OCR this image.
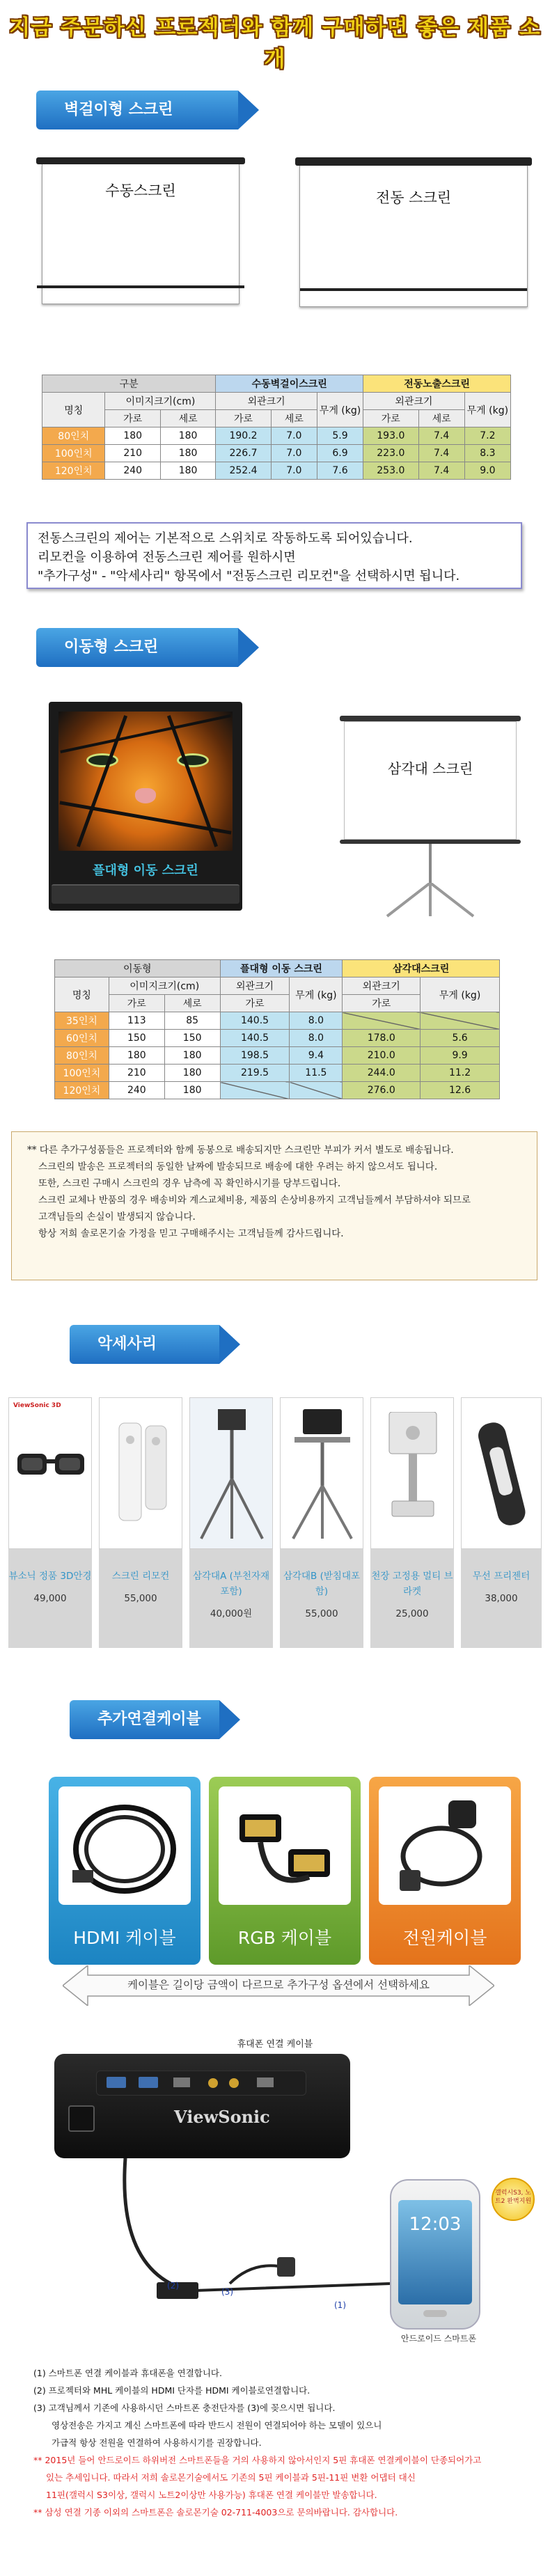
지금 주문하신 프로젝터와 함께 구매하면 좋은 제품 소개
벽걸이형 스크린
수동스크린	전동 스크린
구분			수동벽걸이스크린			전동노출스크린		
명칭	이미지크기(cm)		외관크기		무게 (kg)	외관크기		무게 (kg)
	가로	세로	가로	세로		가로	세로	
80인치	180	180	190.2	7.0	5.9	193.0	7.4	7.2
100인치	210	180	226.7	7.0	6.9	223.0	7.4	8.3
120인치	240	180	252.4	7.0	7.6	253.0	7.4	9.0
전동스크린의 제어는 기본적으로 스위치로 작동하도록 되어있습니다.
리모컨을 이용하여 전동스크린 제어를 원하시면
"추가구성" - "악세사리" 항목에서 "전동스크린 리모컨"을 선택하시면 됩니다.
이동형 스크린
플대형 이동 스크린
삼각대 스크린
이동형			플대형 이동 스크린		삼각대스크린	
명칭	이미지크기(cm)		외관크기	무게 (kg)	외관크기	무게 (kg)
	가로	세로	가로		가로	
35인치	113	85	140.5	8.0		
60인치	150	150	140.5	8.0	178.0	5.6
80인치	180	180	198.5	9.4	210.0	9.9
100인치	210	180	219.5	11.5	244.0	11.2
120인치	240	180			276.0	12.6
** 다른 추가구성품들은 프로젝터와 함께 동봉으로 배송되지만 스크린만 부피가 커서 별도로 배송됩니다.
스크린의 발송은 프로젝터의 동일한 날짜에 발송되므로 배송에 대한 우려는 하지 않으셔도 됩니다.
또한, 스크린 구매시 스크린의 경우 남측에 꼭 확인하시기를 당부드립니다.
스크린 교체나 반품의 경우 배송비와 계스교체비용, 제품의 손상비용까지 고객님들께서 부담하셔야 되므로
고객님들의 손실이 발생되지 않습니다.
항상 저희 솔로몬기술 가정을 믿고 구매해주시는 고객님들께 감사드립니다.
악세사리
ViewSonic 3D
뷰소닉 정품 3D안경
49,000
스크린 리모컨
55,000
삼각대A (부천자재포함)
40,000원
삼각대B (받침대포함)
55,000
천장 고정용 멀티 브라켓
25,000
무선 프리젠터
38,000
추가연결케이블
HDMI 케이블	RGB 케이블	전원케이블
케이블은 길이당 금액이 다르므로 추가구성 옵션에서 선택하세요
휴대폰 연결 케이블
ViewSonic
(2)
(3)
(1)
갤럭시S3, 노트2 완벽지원
12:03
안드로이드 스마트폰
(1) 스마트폰 연결 케이블과 휴대폰을 연결합니다.
(2) 프로젝터와 MHL 케이블의 HDMI 단자를 HDMI 케이블로연결합니다.
(3) 고객님께서 기존에 사용하시던 스마트폰 충전단자를 (3)에 꽂으시면 됩니다.
영상전송은 가지고 계신 스마트폰에 따라 반드시 전원이 연결되어야 하는 모델이 있으니
가급적 항상 전원을 연결하여 사용하시기를 권장합니다.
** 2015년 들어 안드로이드 하위버전 스마트폰들을 거의 사용하지 않아서인지 5핀 휴대폰 연결케이블이 단종되어가고
있는 추세입니다. 따라서 저희 솔로몬기술에서도 기존의 5핀 케이블과 5핀-11핀 변환 어댑터 대신
11핀(갤럭시 S3이상, 갤럭시 노트2이상만 사용가능) 휴대폰 연결 케이블만 발송합니다.
** 삼성 연결 기종 이외의 스마트폰은 솔로몬기술 02-711-4003으로 문의바랍니다. 감사합니다.
